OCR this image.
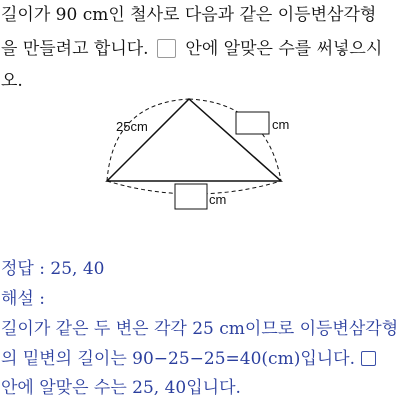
길이가 90 cm인 철사로 다음과 같은 이등변삼각형
을 만들려고 합니다. 안에 알맞은 수를 써넣으시
오.
25cm	cm
cm
정답 : 25, 40
해설 :
길이가 같은 두 변은 각각 25 cm이므로 이등변삼각형
의 밑변의 길이는 90−25−25=40(cm)입니다.
안에 알맞은 수는 25, 40입니다.
